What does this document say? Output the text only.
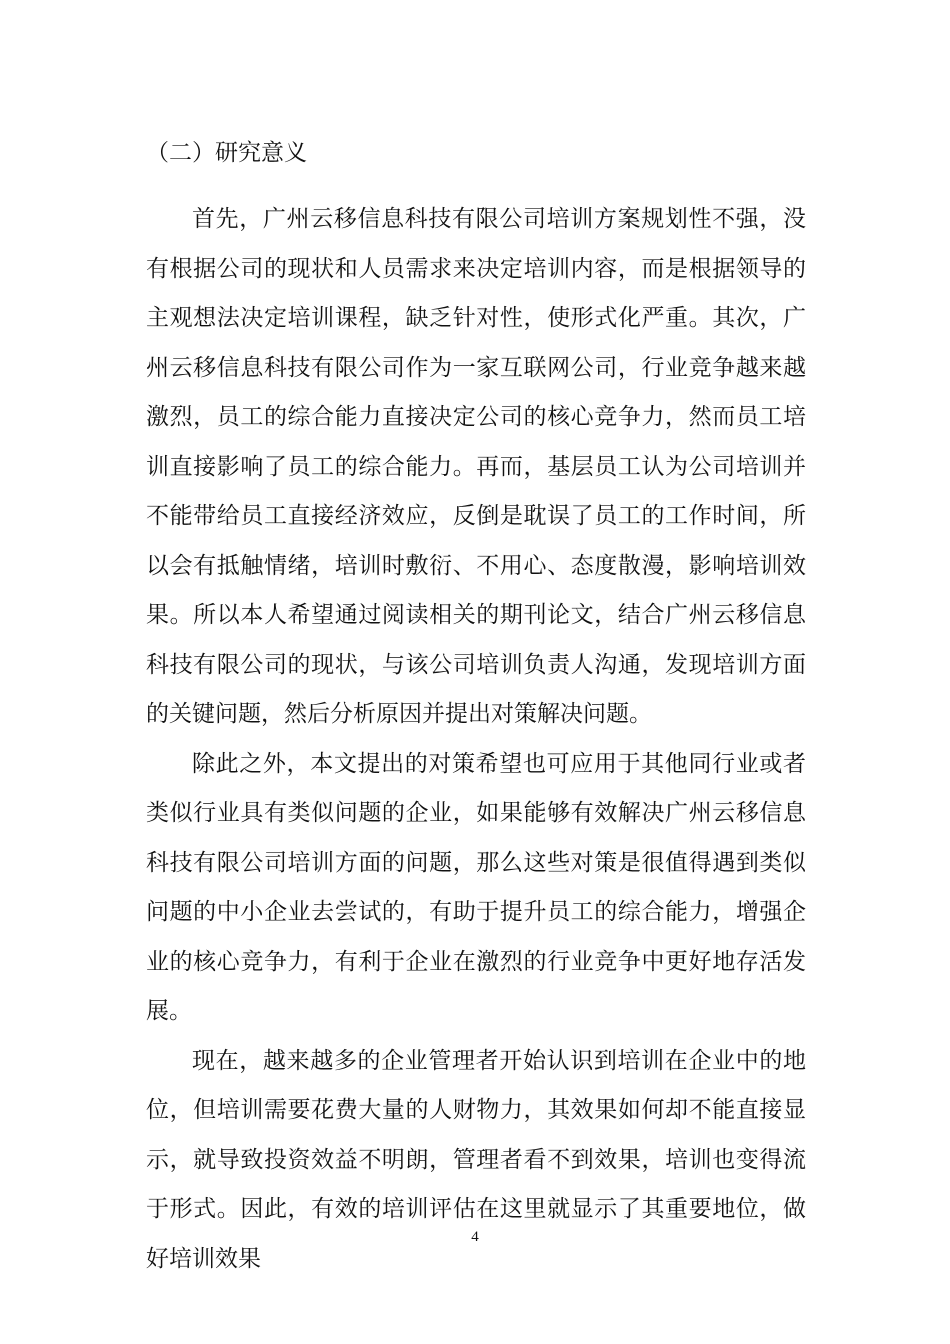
（二）研究意义

首先，广州云移信息科技有限公司培训方案规划性不强，没有根据公司的现状和人员需求来决定培训内容，而是根据领导的主观想法决定培训课程，缺乏针对性，使形式化严重。其次，广州云移信息科技有限公司作为一家互联网公司，行业竞争越来越激烈，员工的综合能力直接决定公司的核心竞争力，然而员工培训直接影响了员工的综合能力。再而，基层员工认为公司培训并不能带给员工直接经济效应，反倒是耽误了员工的工作时间，所以会有抵触情绪，培训时敷衍、不用心、态度散漫，影响培训效果。所以本人希望通过阅读相关的期刊论文，结合广州云移信息科技有限公司的现状，与该公司培训负责人沟通，发现培训方面的关键问题，然后分析原因并提出对策解决问题。

除此之外，本文提出的对策希望也可应用于其他同行业或者类似行业具有类似问题的企业，如果能够有效解决广州云移信息科技有限公司培训方面的问题，那么这些对策是很值得遇到类似问题的中小企业去尝试的，有助于提升员工的综合能力，增强企业的核心竞争力，有利于企业在激烈的行业竞争中更好地存活发展。

现在，越来越多的企业管理者开始认识到培训在企业中的地位，但培训需要花费大量的人财物力，其效果如何却不能直接显示，就导致投资效益不明朗，管理者看不到效果，培训也变得流于形式。因此，有效的培训评估在这里就显示了其重要地位，做好培训效果

4
